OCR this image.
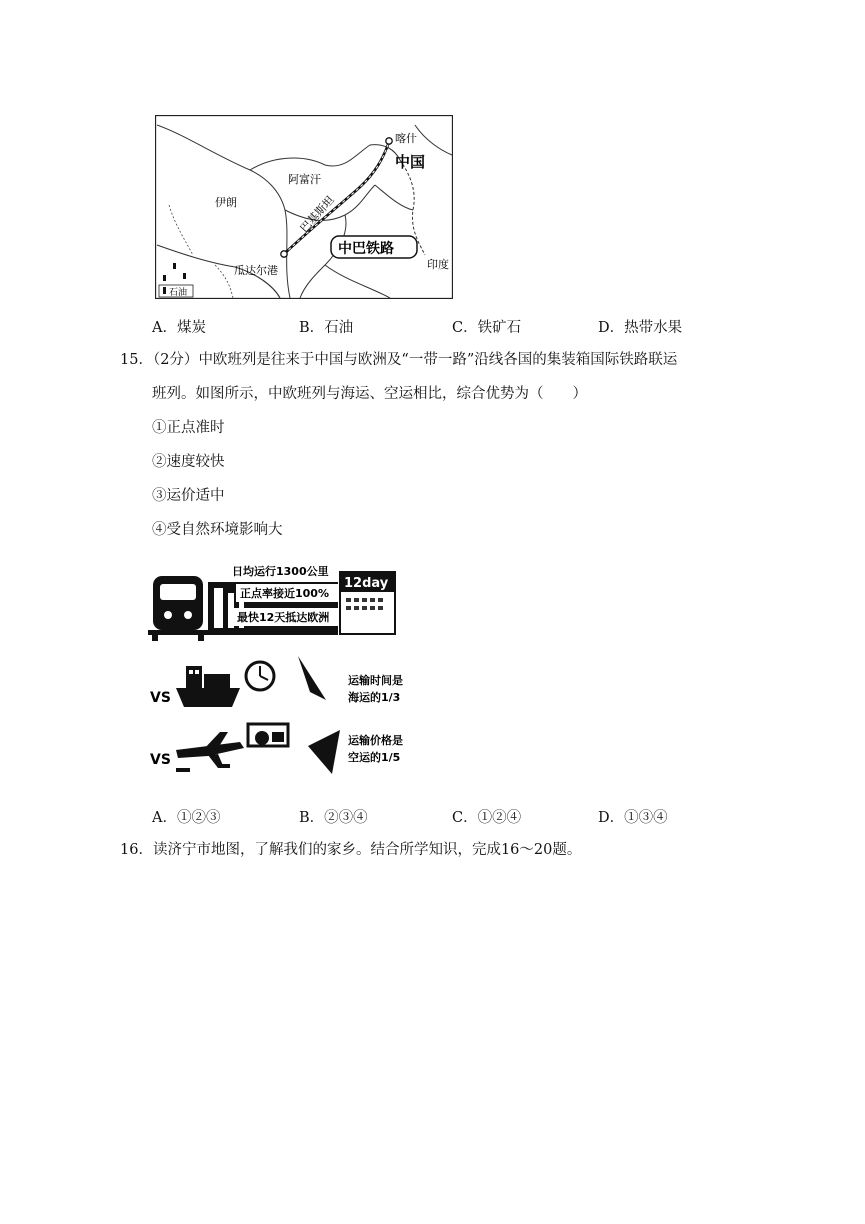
喀什
中国
阿富汗
伊朗	巴基斯坦
中巴铁路
瓜达尔港	印度
石油
A．煤炭	B．石油	C．铁矿石	D．热带水果
15．（2分）中欧班列是往来于中国与欧洲及“一带一路”沿线各国的集装箱国际铁路联运
班列。如图所示，中欧班列与海运、空运相比，综合优势为（　　）
①正点准时
②速度较快
③运价适中
④受自然环境影响大
日均运行1300公里
正点率接近100%
最快12天抵达欧洲
12day
VS
运输时间是
海运的1/3
VS
运输价格是
空运的1/5
A．①②③	B．②③④	C．①②④	D．①③④
16．读济宁市地图，了解我们的家乡。结合所学知识，完成16～20题。
